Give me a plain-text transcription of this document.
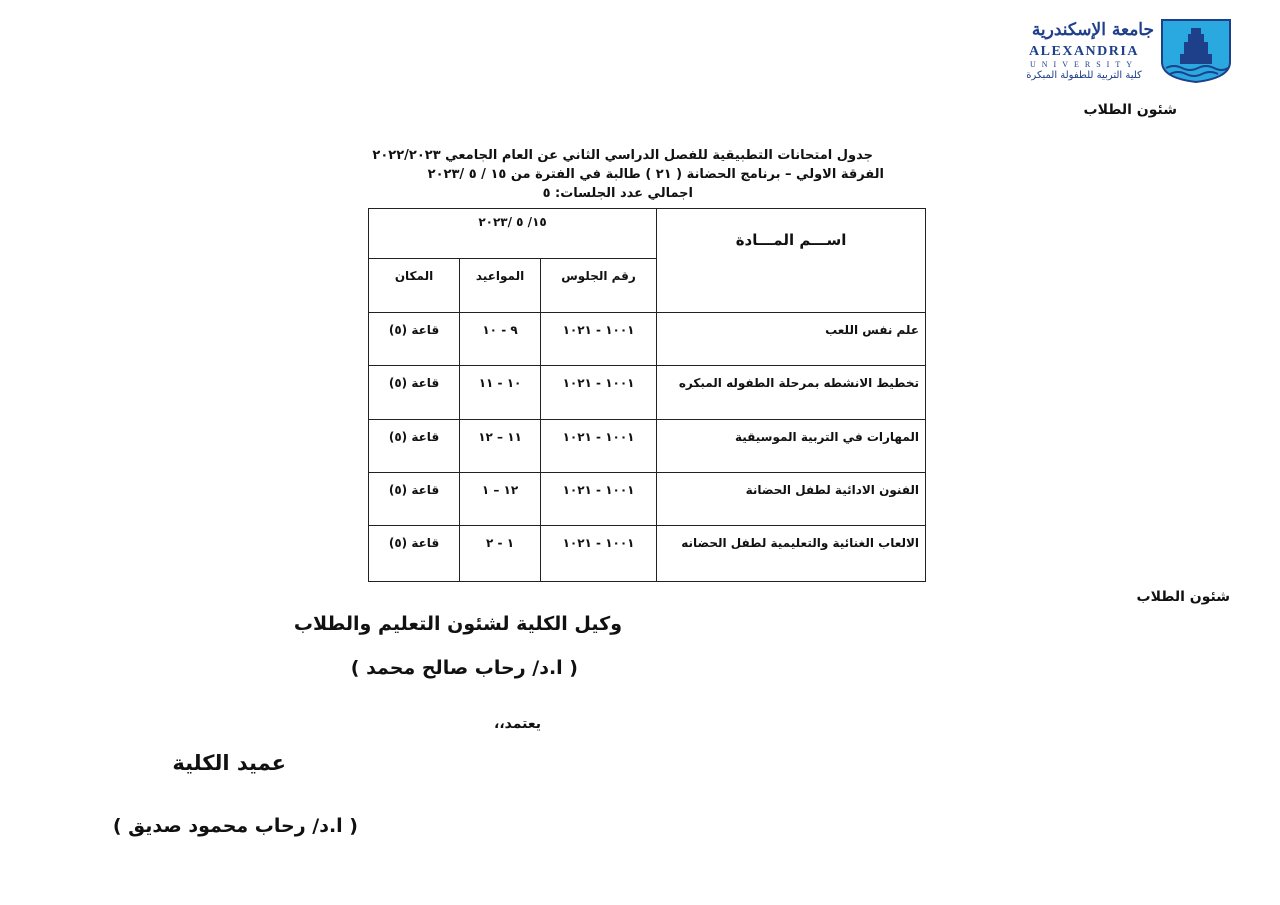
جامعة الإسكندرية
ALEXANDRIA
UNIVERSITY
كلية التربية للطفولة المبكرة
شئون الطلاب
جدول امتحانات التطبيقية للفصل الدراسي الثاني عن العام الجامعي ٢٠٢٢/٢٠٢٣
الفرقة الاولي – برنامج الحضانة ( ٢١ ) طالبة في الفترة من ١٥ / ٥ /٢٠٢٣
اجمالي عدد الجلسات: ٥
اســـم المـــادة	١٥/ ٥ /٢٠٢٣		
	رقم الجلوس	المواعيد	المكان
علم نفس اللعب	١٠٠١ - ١٠٢١	٩ - ١٠	قاعة (٥)
تخطيط الانشطه بمرحلة الطفوله المبكره	١٠٠١ - ١٠٢١	١٠ - ١١	قاعة (٥)
المهارات في التربية الموسيقية	١٠٠١ - ١٠٢١	١١ – ١٢	قاعة (٥)
الفنون الادائية لطفل الحضانة	١٠٠١ - ١٠٢١	١٢ – ١	قاعة (٥)
الالعاب الغنائية والتعليمية لطفل الحضانه	١٠٠١ - ١٠٢١	١ - ٢	قاعة (٥)
شئون الطلاب
وكيل الكلية لشئون التعليم والطلاب
( ا.د/ رحاب صالح محمد )
يعتمد،،
عميد الكلية
( ا.د/ رحاب محمود صديق )
